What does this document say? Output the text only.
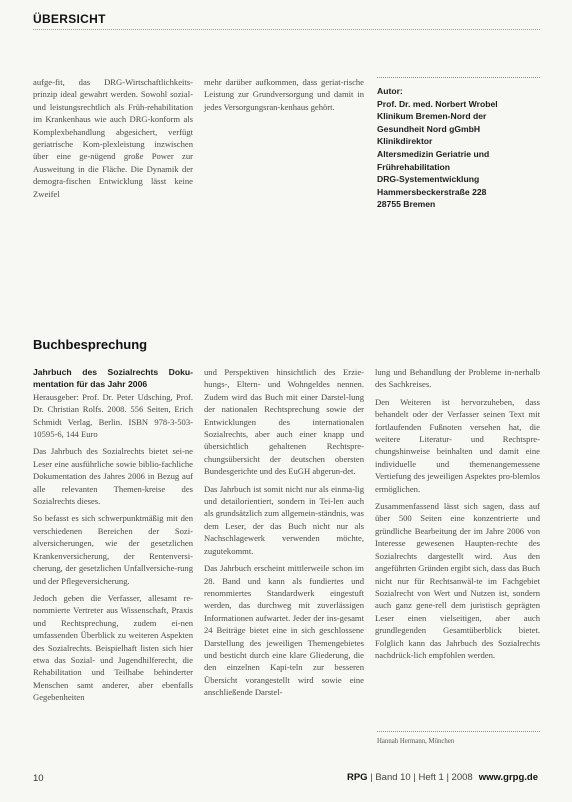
ÜBERSICHT

aufge-fit, das DRG-Wirtschaftlichkeits-prinzip ideal gewahrt werden. Sowohl sozial- und leistungsrechtlich als Früh-rehabilitation im Krankenhaus wie auch DRG-konform als Komplexbehandlung abgesichert, verfügt geriatrische Kom-plexleistung inzwischen über eine ge-nügend große Power zur Ausweitung in die Fläche. Die Dynamik der demogra-fischen Entwicklung lässt keine Zweifel

mehr darüber aufkommen, dass geriat-rische Leistung zur Grundversorgung und damit in jedes Versorgungsran-kenhaus gehört.

Autor:
Prof. Dr. med. Norbert Wrobel
Klinikum Bremen-Nord der
Gesundheit Nord gGmbH
Klinikdirektor
Altersmedizin Geriatrie und
Frührehabilitation
DRG-Systementwicklung
Hammersbeckerstraße 228
28755 Bremen
Buchbesprechung

Jahrbuch des Sozialrechts Doku-mentation für das Jahr 2006

Herausgeber: Prof. Dr. Peter Udsching, Prof. Dr. Christian Rolfs. 2008. 556 Seiten, Erich Schmidt Verlag, Berlin. ISBN 978-3-503-10595-6, 144 Euro

Das Jahrbuch des Sozialrechts bietet sei-ne Leser eine ausführliche sowie biblio-fachliche Dokumentation des Jahres 2006 in Bezug auf alle relevanten Themen-kreise des Sozialrechts dieses.

So befasst es sich schwerpunktmäßig mit den verschiedenen Bereichen der Sozi-alversicherungen, wie der gesetzlichen Krankenversicherung, der Rentenversi-cherung, der gesetzlichen Unfallversiche-rung und der Pflegeversicherung.

Jedoch geben die Verfasser, allesamt re-nommierte Vertreter aus Wissenschaft, Praxis und Rechtsprechung, zudem ei-nen umfassenden Überblick zu weiteren Aspekten des Sozialrechts. Beispielhaft listen sich hier etwa das Sozial- und Jugendhilferecht, die Rehabilitation und Teilhabe behinderter Menschen samt anderer, aber ebenfalls Gegebenheiten

und Perspektiven hinsichtlich des Erzie-hungs-, Eltern- und Wohngeldes nennen. Zudem wird das Buch mit einer Darstel-lung der nationalen Rechtsprechung sowie der Entwicklungen des internationalen Sozialrechts, aber auch einer knapp und übersichtlich gehaltenen Rechtspre-chungsübersicht der deutschen obersten Bundesgerichte und des EuGH abgerun-det.

Das Jahrbuch ist somit nicht nur als einma-lig und detailorientiert, sondern in Tei-len auch als grundsätzlich zum allgemein-ständnis, was dem Leser, der das Buch nicht nur als Nachschlagewerk verwenden möchte, zugutekommt.

Das Jahrbuch erscheint mittlerweile schon im 28. Band und kann als fundiertes und renommiertes Standardwerk eingestuft werden, das durchweg mit zuverlässigen Informationen aufwartet. Jeder der ins-gesamt 24 Beiträge bietet eine in sich geschlossene Darstellung des jeweiligen Themengebietes und besticht durch eine klare Gliederung, die den einzelnen Kapi-teln zur besseren Übersicht vorangestellt wird sowie eine anschließende Darstel-

lung und Behandlung der Probleme in-nerhalb des Sachkreises.

Den Weiteren ist hervorzuheben, dass behandelt oder der Verfasser seinen Text mit fortlaufenden Fußnoten versehen hat, die weitere Literatur- und Rechtspre-chungshinweise beinhalten und damit eine individuelle und themenangemessene Vertiefung des jeweiligen Aspektes pro-blemlos ermöglichen.

Zusammenfassend lässt sich sagen, dass auf über 500 Seiten eine konzentrierte und gründliche Bearbeitung der im Jahre 2006 von Interesse gewesenen Haupten-rechte des Sozialrechts dargestellt wird. Aus den angeführten Gründen ergibt sich, dass das Buch nicht nur für Rechtsanwäl-te im Fachgebiet Sozialrecht von Wert und Nutzen ist, sondern auch ganz gene-rell dem juristisch geprägten Leser einen vielseitigen, aber auch grundlegenden Gesamtüberblick bietet. Folglich kann das Jahrbuch des Sozialrechts nachdrück-lich empfohlen werden.

Hannah Hermann, München
10	RPG | Band 10 | Heft 1 | 2008 www.grpg.de
